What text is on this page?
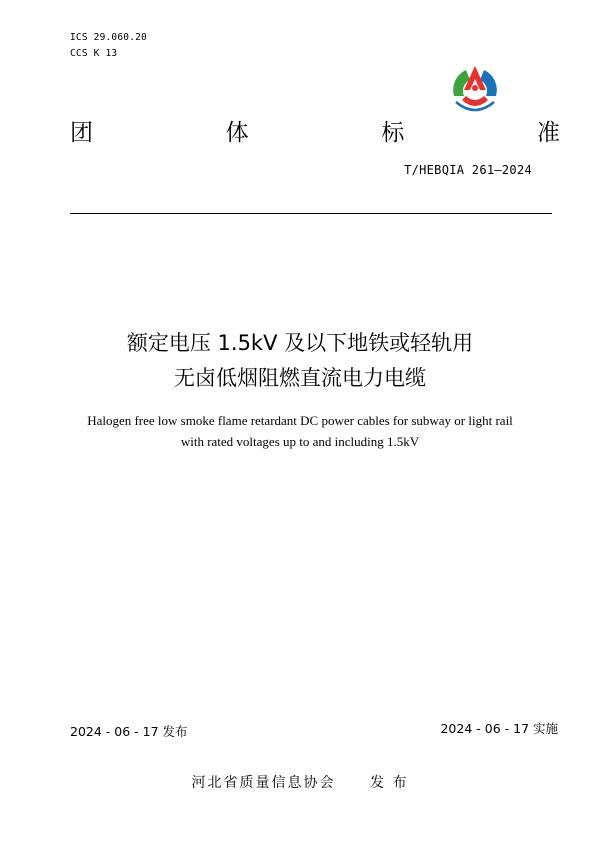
ICS 29.060.20
CCS K 13
团	体	标	准
T/HEBQIA 261—2024
额定电压 1.5kV 及以下地铁或轻轨用
无卤低烟阻燃直流电力电缆
Halogen free low smoke flame retardant DC power cables for subway or light rail
with rated voltages up to and including 1.5kV
2024 - 06 - 17 发布	2024 - 06 - 17 实施
河北省质量信息协会 发 布
